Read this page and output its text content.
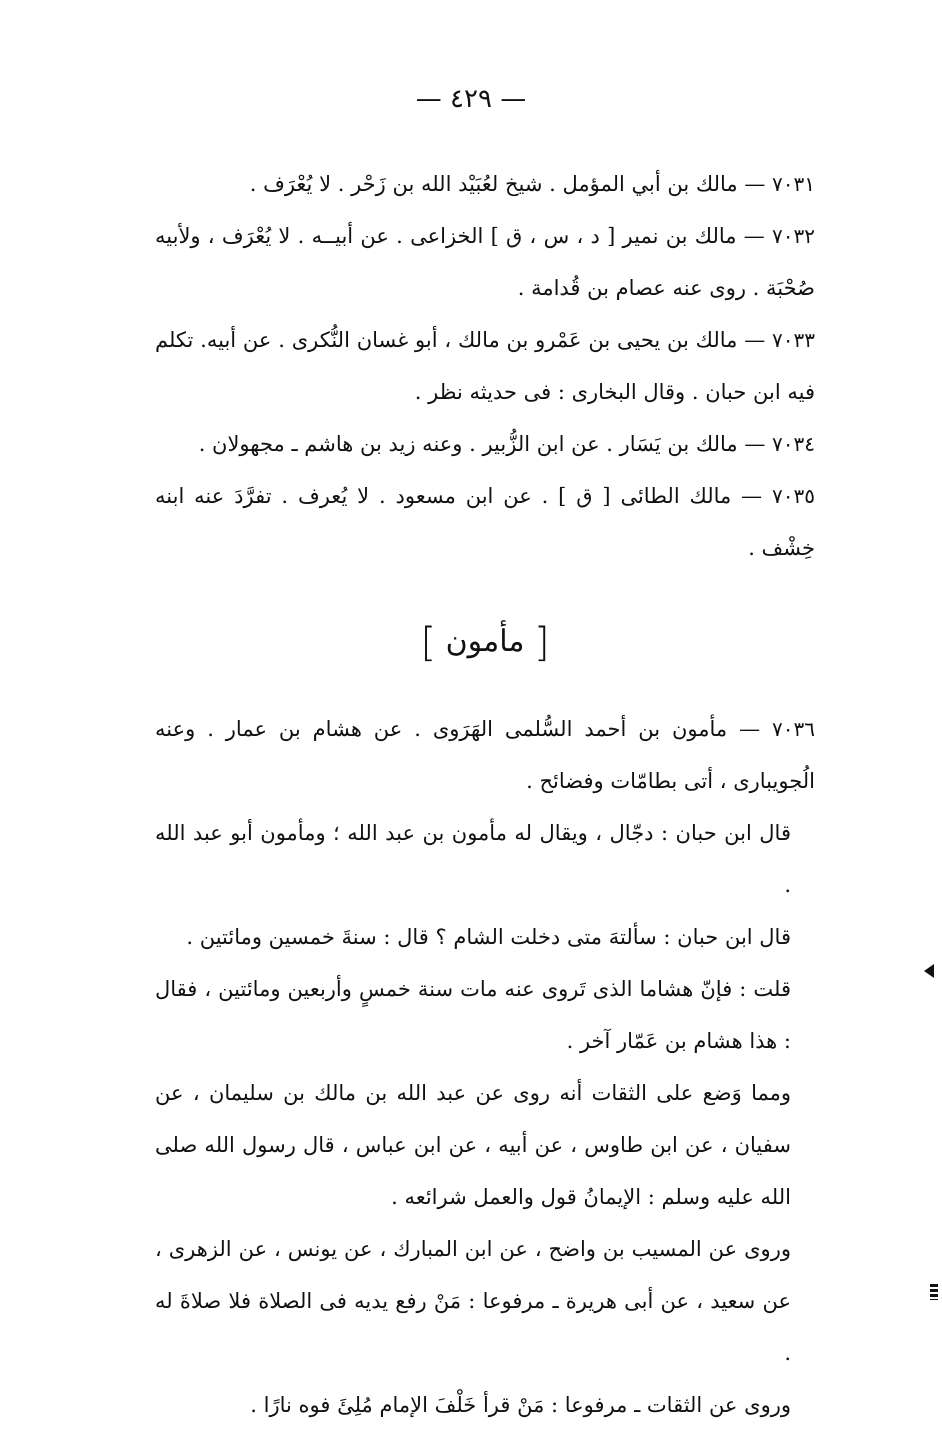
— ٤٢٩ —

٧٠٣١ — مالك بن أبي المؤمل . شيخ لعُبَيْد الله بن زَحْر . لا يُعْرَف .

٧٠٣٢ — مالك بن نمير [ د ، س ، ق ] الخزاعى . عن أبيــه . لا يُعْرَف ، ولأبيه صُحْبَة . روى عنه عصام بن قُدامة .

٧٠٣٣ — مالك بن يحيى بن عَمْرو بن مالك ، أبو غسان النُّكرى . عن أبيه. تكلم فيه ابن حبان . وقال البخارى : فى حديثه نظر .

٧٠٣٤ — مالك بن يَسَار . عن ابن الزُّبير . وعنه زيد بن هاشم ـ مجهولان .

٧٠٣٥ — مالك الطائى [ ق ] . عن ابن مسعود . لا يُعرف . تفرَّدَ عنه ابنه خِشْف .

[ مأمون ]

٧٠٣٦ — مأمون بن أحمد السُّلمى الهَرَوى . عن هشام بن عمار . وعنه الُجويبارى ، أتى بطامّات وفضائح .

قال ابن حبان : دجّال ، ويقال له مأمون بن عبد الله ؛ ومأمون أبو عبد الله .

قال ابن حبان : سألتهَ متى دخلت الشام ؟ قال : سنةَ خمسين ومائتين .

قلت : فإنّ هشاما الذى تَروى عنه مات سنة خمسٍ وأربعين ومائتين ، فقال : هذا هشام بن عَمّار آخر .

ومما وَضع على الثقات أنه روى عن عبد الله بن مالك بن سليمان ، عن سفيان ، عن ابن طاوس ، عن أبيه ، عن ابن عباس ، قال رسول الله صلى الله عليه وسلم : الإيمانُ قول والعمل شرائعه .

وروى عن المسيب بن واضح ، عن ابن المبارك ، عن يونس ، عن الزهرى ، عن سعيد ، عن أبى هريرة ـ مرفوعا : مَنْ رفع يديه فى الصلاة فلا صلاةَ له .

وروى عن الثقات ـ مرفوعا : مَنْ قرأ خَلْفَ الإمام مُلِئَ فوه نارًا .
